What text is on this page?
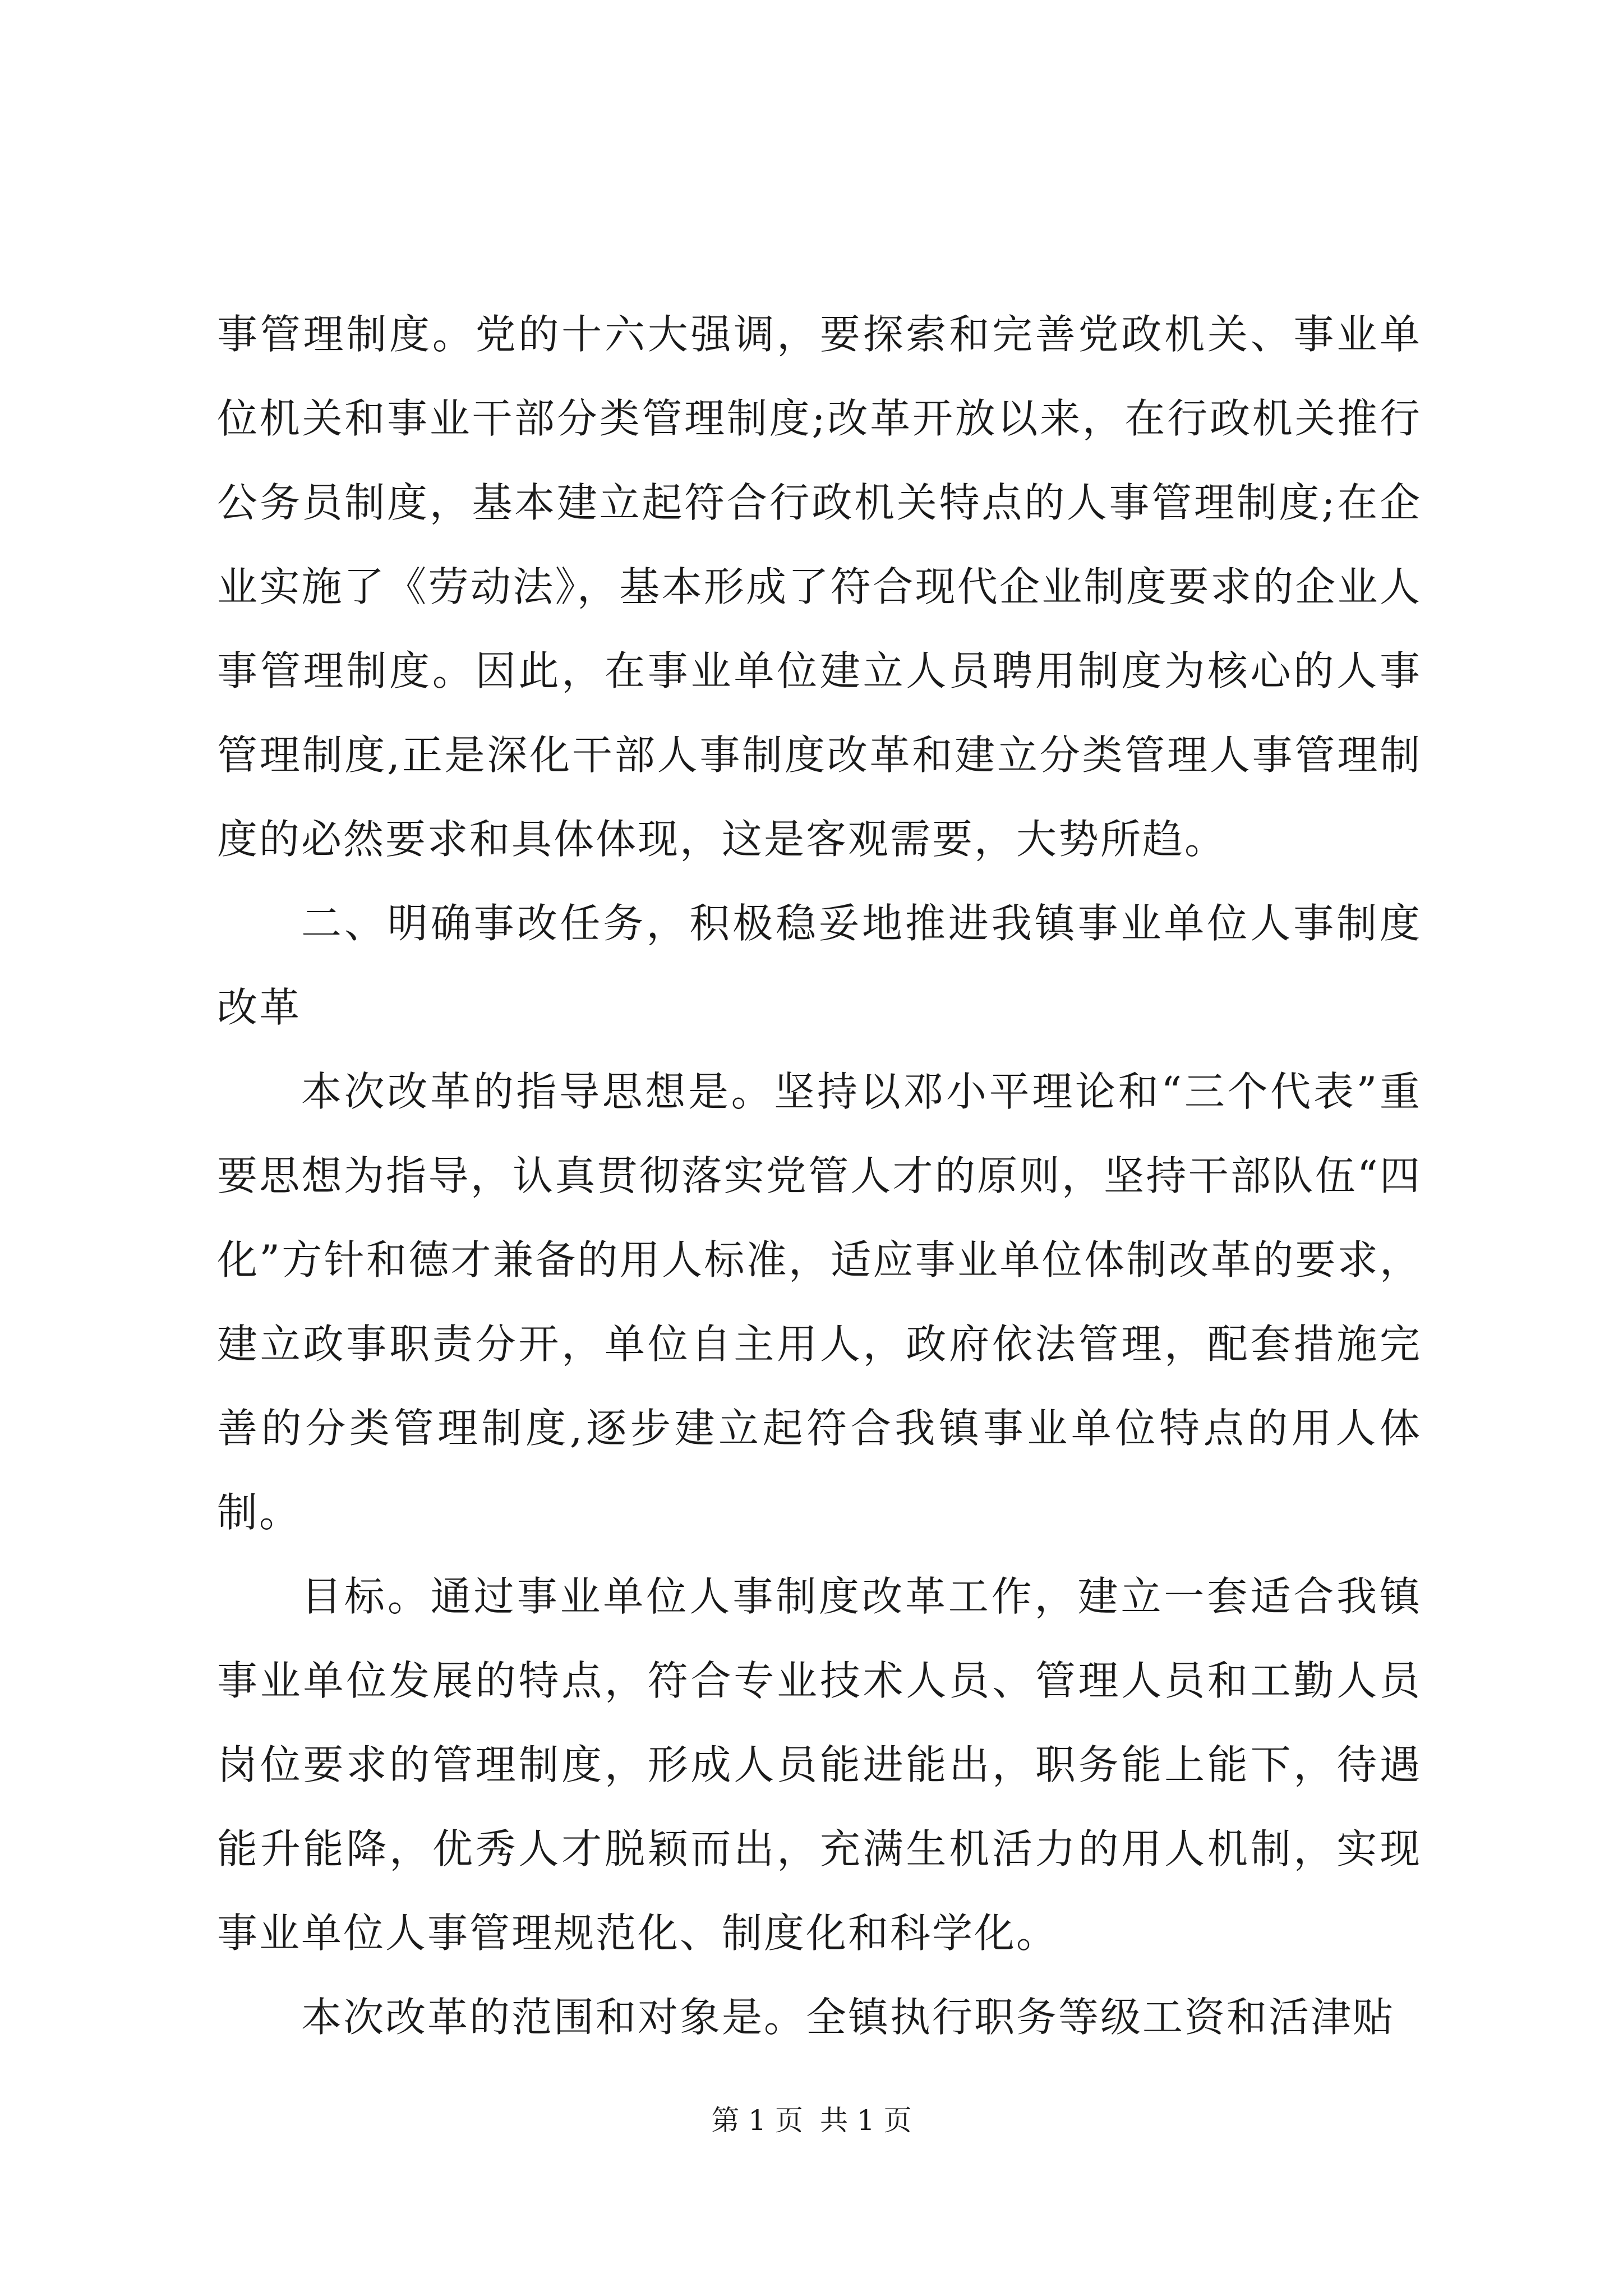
事管理制度。党的十六大强调，要探索和完善党政机关、事业单位机关和事业干部分类管理制度;改革开放以来，在行政机关推行公务员制度，基本建立起符合行政机关特点的人事管理制度;在企业实施了《劳动法》，基本形成了符合现代企业制度要求的企业人事管理制度。因此，在事业单位建立人员聘用制度为核心的人事管理制度,正是深化干部人事制度改革和建立分类管理人事管理制度的必然要求和具体体现，这是客观需要，大势所趋。

二、明确事改任务，积极稳妥地推进我镇事业单位人事制度改革

本次改革的指导思想是。坚持以邓小平理论和“三个代表”重要思想为指导，认真贯彻落实党管人才的原则，坚持干部队伍“四化”方针和德才兼备的用人标准，适应事业单位体制改革的要求，建立政事职责分开，单位自主用人，政府依法管理，配套措施完善的分类管理制度,逐步建立起符合我镇事业单位特点的用人体制。

目标。通过事业单位人事制度改革工作，建立一套适合我镇事业单位发展的特点，符合专业技术人员、管理人员和工勤人员岗位要求的管理制度，形成人员能进能出，职务能上能下，待遇能升能降，优秀人才脱颖而出，充满生机活力的用人机制，实现事业单位人事管理规范化、制度化和科学化。

本次改革的范围和对象是。全镇执行职务等级工资和活津贴

第 1 页 共 1 页
